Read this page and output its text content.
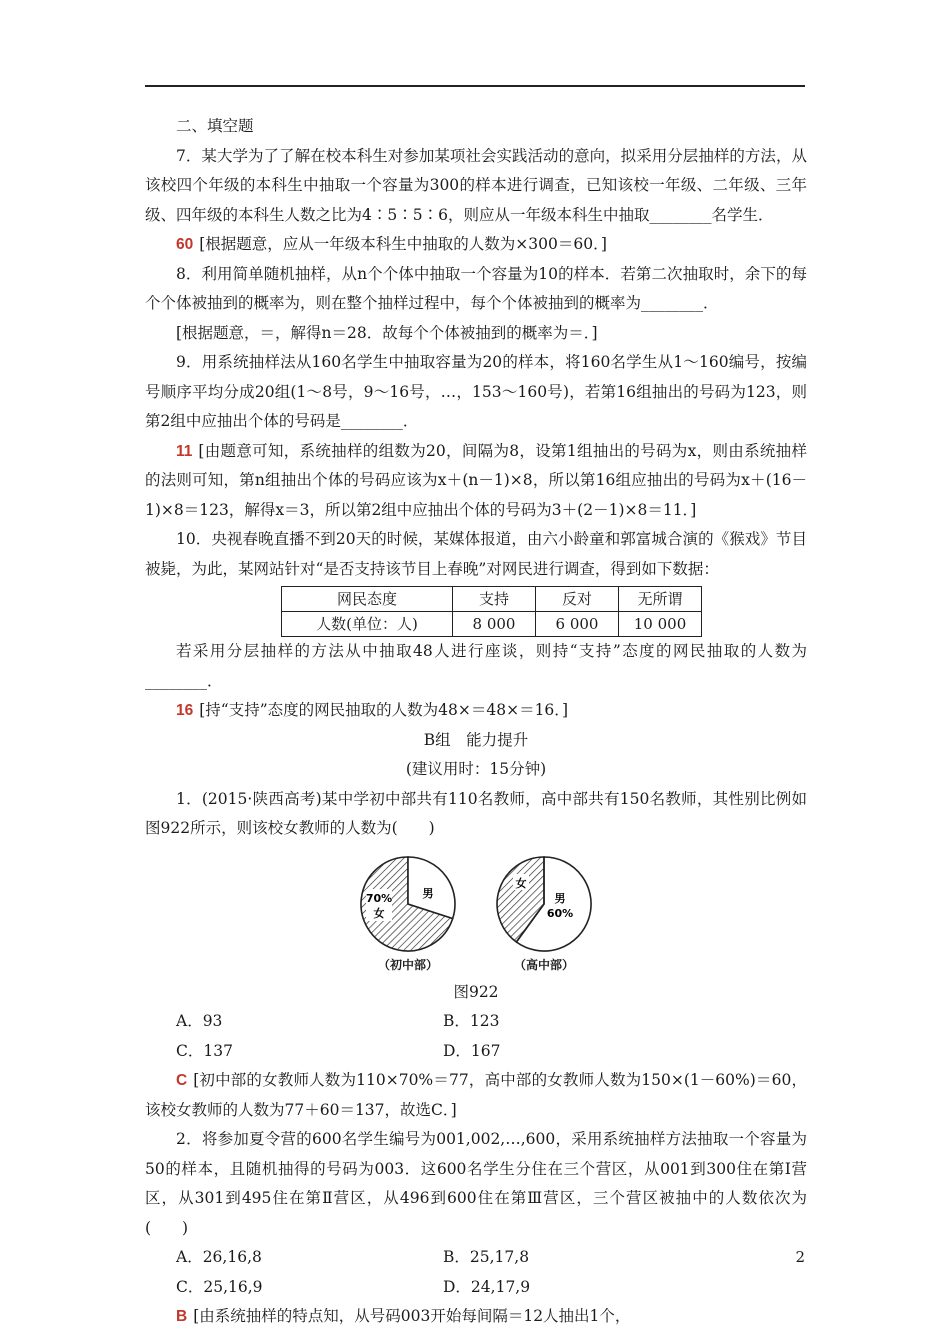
二、填空题

7．某大学为了了解在校本科生对参加某项社会实践活动的意向，拟采用分层抽样的方法，从该校四个年级的本科生中抽取一个容量为300的样本进行调查，已知该校一年级、二年级、三年级、四年级的本科生人数之比为4∶5∶5∶6，则应从一年级本科生中抽取________名学生．

60 [根据题意，应从一年级本科生中抽取的人数为×300＝60．]

8．利用简单随机抽样，从n个个体中抽取一个容量为10的样本．若第二次抽取时，余下的每个个体被抽到的概率为，则在整个抽样过程中，每个个体被抽到的概率为________．

[根据题意，＝，解得n＝28．故每个个体被抽到的概率为＝．]

9．用系统抽样法从160名学生中抽取容量为20的样本，将160名学生从1～160编号，按编号顺序平均分成20组(1～8号，9～16号，…，153～160号)，若第16组抽出的号码为123，则第2组中应抽出个体的号码是________．

11 [由题意可知，系统抽样的组数为20，间隔为8，设第1组抽出的号码为x，则由系统抽样的法则可知，第n组抽出个体的号码应该为x＋(n－1)×8，所以第16组应抽出的号码为x＋(16－1)×8＝123，解得x＝3，所以第2组中应抽出个体的号码为3＋(2－1)×8＝11．]

10．央视春晚直播不到20天的时候，某媒体报道，由六小龄童和郭富城合演的《猴戏》节目被毙，为此，某网站针对“是否支持该节目上春晚”对网民进行调查，得到如下数据：

网民态度	支持	反对	无所谓
人数(单位：人)	8 000	6 000	10 000

若采用分层抽样的方法从中抽取48人进行座谈，则持“支持”态度的网民抽取的人数为________．

16 [持“支持”态度的网民抽取的人数为48×＝48×＝16．]

B组　能力提升

(建议用时：15分钟)

1．(2015·陕西高考)某中学初中部共有110名教师，高中部共有150名教师，其性别比例如图922所示，则该校女教师的人数为(　　)

70%
女
男
（初中部）
女
男
60%
（高中部）
图922
A．93	B．123
C．137	D．167

C [初中部的女教师人数为110×70%＝77，高中部的女教师人数为150×(1－60%)＝60，该校女教师的人数为77＋60＝137，故选C．]

2．将参加夏令营的600名学生编号为001,002,…,600，采用系统抽样方法抽取一个容量为50的样本，且随机抽得的号码为003．这600名学生分住在三个营区，从001到300住在第Ⅰ营区，从301到495住在第Ⅱ营区，从496到600住在第Ⅲ营区，三个营区被抽中的人数依次为(　　)

A．26,16,8	B．25,17,8
C．25,16,9	D．24,17,9

B [由系统抽样的特点知，从号码003开始每间隔＝12人抽出1个，

2
